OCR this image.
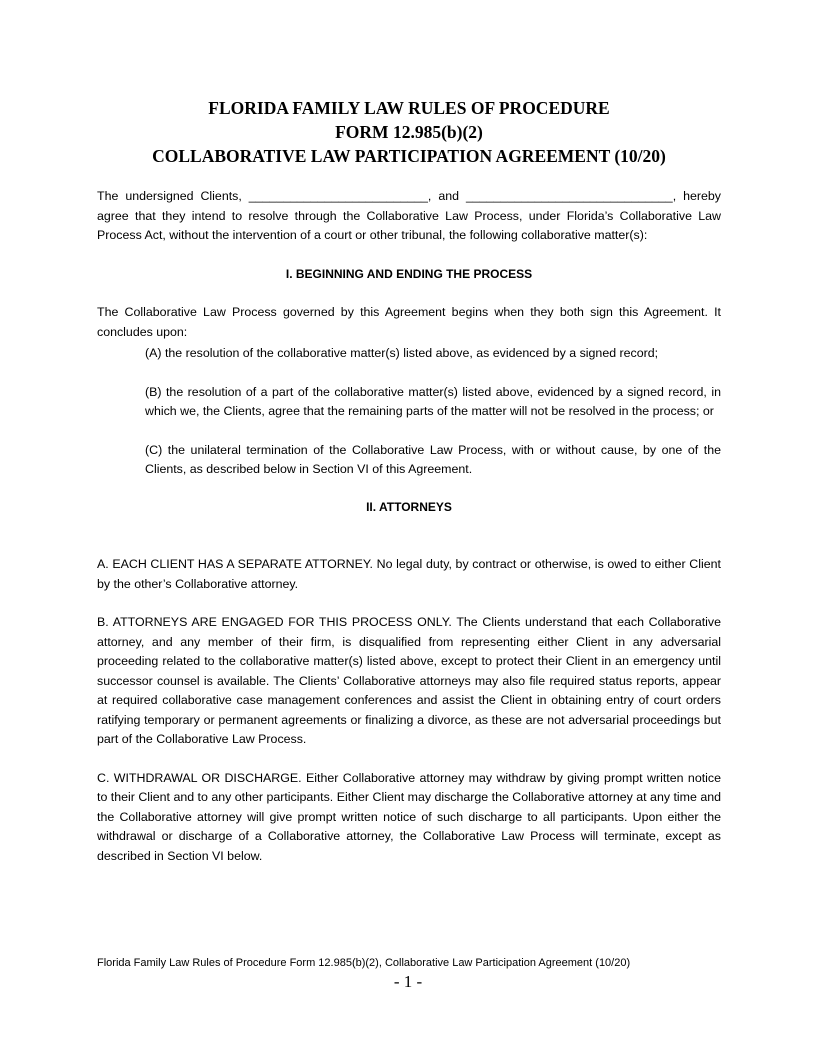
FLORIDA FAMILY LAW RULES OF PROCEDURE
FORM 12.985(b)(2)
COLLABORATIVE LAW PARTICIPATION AGREEMENT (10/20)

The undersigned Clients, __________________________, and ______________________________, hereby agree that they intend to resolve through the Collaborative Law Process, under Florida’s Collaborative Law Process Act, without the intervention of a court or other tribunal, the following collaborative matter(s):

I. BEGINNING AND ENDING THE PROCESS

The Collaborative Law Process governed by this Agreement begins when they both sign this Agreement. It concludes upon:

(A) the resolution of the collaborative matter(s) listed above, as evidenced by a signed record;

(B) the resolution of a part of the collaborative matter(s) listed above, evidenced by a signed record, in which we, the Clients, agree that the remaining parts of the matter will not be resolved in the process; or

(C) the unilateral termination of the Collaborative Law Process, with or without cause, by one of the Clients, as described below in Section VI of this Agreement.

II. ATTORNEYS

A. EACH CLIENT HAS A SEPARATE ATTORNEY. No legal duty, by contract or otherwise, is owed to either Client by the other’s Collaborative attorney.

B. ATTORNEYS ARE ENGAGED FOR THIS PROCESS ONLY. The Clients understand that each Collaborative attorney, and any member of their firm, is disqualified from representing either Client in any adversarial proceeding related to the collaborative matter(s) listed above, except to protect their Client in an emergency until successor counsel is available. The Clients’ Collaborative attorneys may also file required status reports, appear at required collaborative case management conferences and assist the Client in obtaining entry of court orders ratifying temporary or permanent agreements or finalizing a divorce, as these are not adversarial proceedings but part of the Collaborative Law Process.

C. WITHDRAWAL OR DISCHARGE. Either Collaborative attorney may withdraw by giving prompt written notice to their Client and to any other participants. Either Client may discharge the Collaborative attorney at any time and the Collaborative attorney will give prompt written notice of such discharge to all participants. Upon either the withdrawal or discharge of a Collaborative attorney, the Collaborative Law Process will terminate, except as described in Section VI below.

Florida Family Law Rules of Procedure Form 12.985(b)(2), Collaborative Law Participation Agreement (10/20)
- 1 -
